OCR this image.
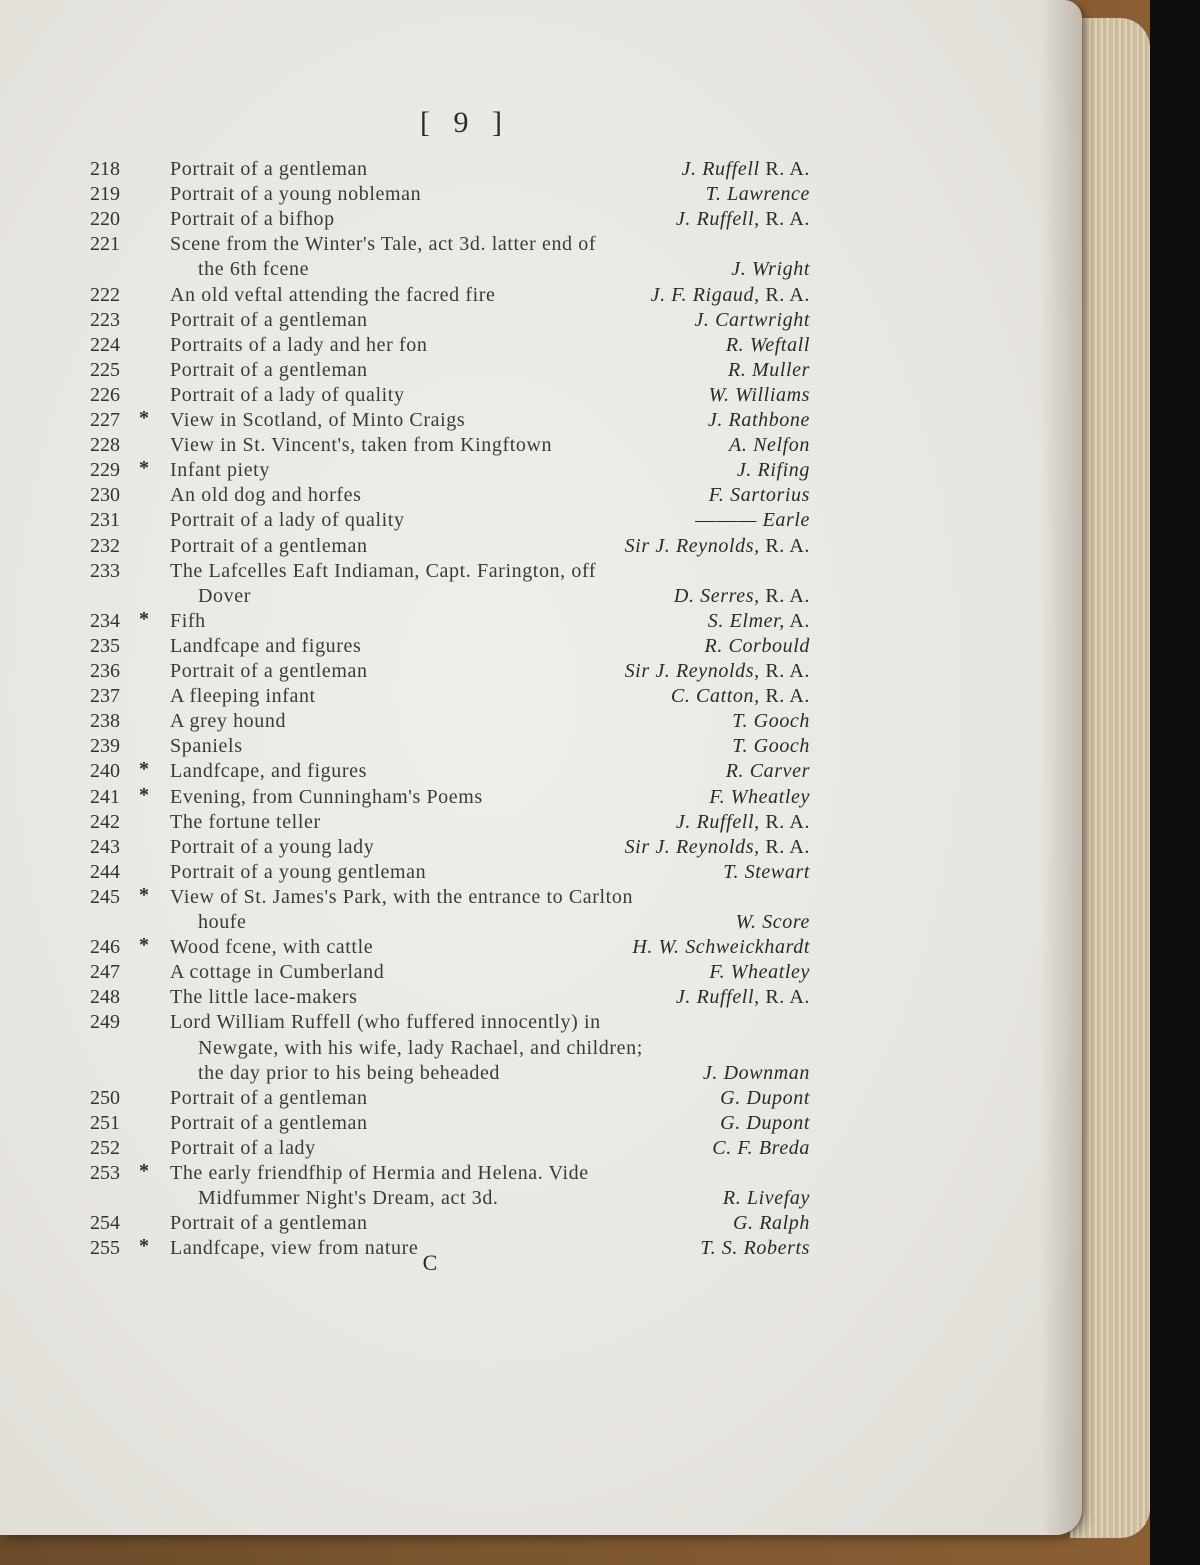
[ 9 ]
218	Portrait of a gentleman	J. Ruffell R. A.
219	Portrait of a young nobleman	T. Lawrence
220	Portrait of a bifhop	J. Ruffell, R. A.
221	Scene from the Winter's Tale, act 3d. latter end of
the 6th fcene	J. Wright
222	An old veftal attending the facred fire	J. F. Rigaud, R. A.
223	Portrait of a gentleman	J. Cartwright
224	Portraits of a lady and her fon	R. Weftall
225	Portrait of a gentleman	R. Muller
226	Portrait of a lady of quality	W. Williams
227 * View in Scotland, of Minto Craigs	J. Rathbone
228	View in St. Vincent's, taken from Kingftown	A. Nelfon
229 * Infant piety	J. Rifing
230	An old dog and horfes	F. Sartorius
231	Portrait of a lady of quality
———	Earle
232	Portrait of a gentleman	Sir J. Reynolds, R. A.
233	The Lafcelles Eaft Indiaman, Capt. Farington, off
Dover	D. Serres, R. A.
234 * Fifh	S. Elmer, A.
235	Landfcape and figures	R. Corbould
236	Portrait of a gentleman	Sir J. Reynolds, R. A.
237	A fleeping infant	C. Catton, R. A.
238	A grey hound	T. Gooch
239	Spaniels	T. Gooch
240 * Landfcape, and figures	R. Carver
241 * Evening, from Cunningham's Poems	F. Wheatley
242	The fortune teller	J. Ruffell, R. A.
243	Portrait of a young lady	Sir J. Reynolds, R. A.
244	Portrait of a young gentleman	T. Stewart
245 * View of St. James's Park, with the entrance to Carlton
houfe	W. Score
246 * Wood fcene, with cattle	H. W. Schweickhardt
247	A cottage in Cumberland	F. Wheatley
248	The little lace-makers	J. Ruffell, R. A.
249	Lord William Ruffell (who fuffered innocently) in
Newgate, with his wife, lady Rachael, and children;
the day prior to his being beheaded	J. Downman
250	Portrait of a gentleman	G. Dupont
251	Portrait of a gentleman	G. Dupont
252	Portrait of a lady	C. F. Breda
253 * The early friendfhip of Hermia and Helena. Vide
Midfummer Night's Dream, act 3d.	R. Livefay
254	Portrait of a gentleman	G. Ralph
255 * Landfcape, view from nature	T. S. Roberts
C
